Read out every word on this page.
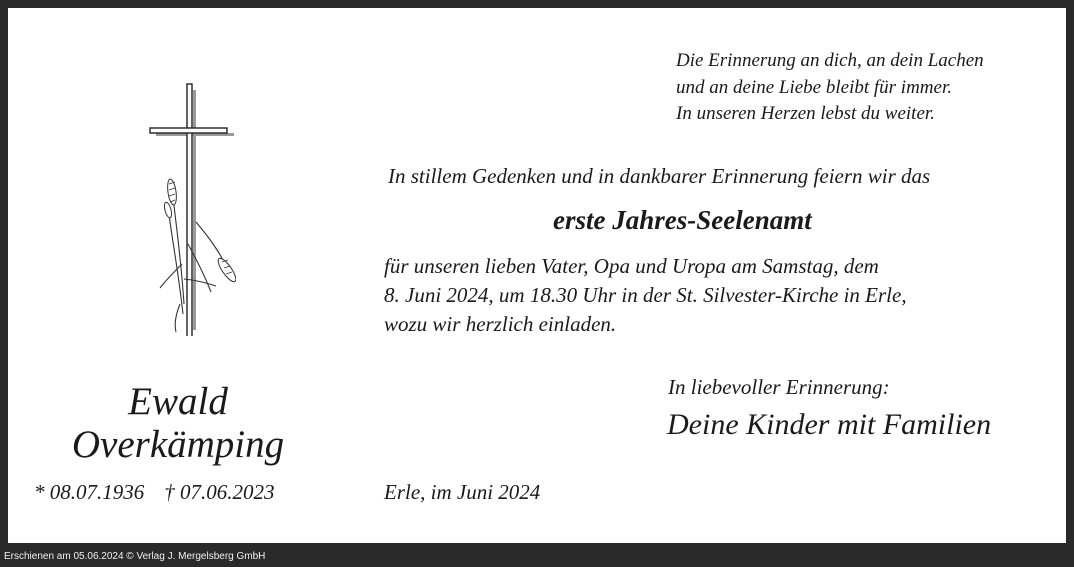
Die Erinnerung an dich, an dein Lachen
und an deine Liebe bleibt für immer.
In unseren Herzen lebst du weiter.
In stillem Gedenken und in dankbarer Erinnerung feiern wir das
erste Jahres-Seelenamt
für unseren lieben Vater, Opa und Uropa am Samstag, dem
8. Juni 2024, um 18.30 Uhr in der St. Silvester-Kirche in Erle,
wozu wir herzlich einladen.
In liebevoller Erinnerung:
Deine Kinder mit Familien
Ewald
Overkämping
* 08.07.1936 † 07.06.2023	Erle, im Juni 2024
Erschienen am 05.06.2024 © Verlag J. Mergelsberg GmbH
